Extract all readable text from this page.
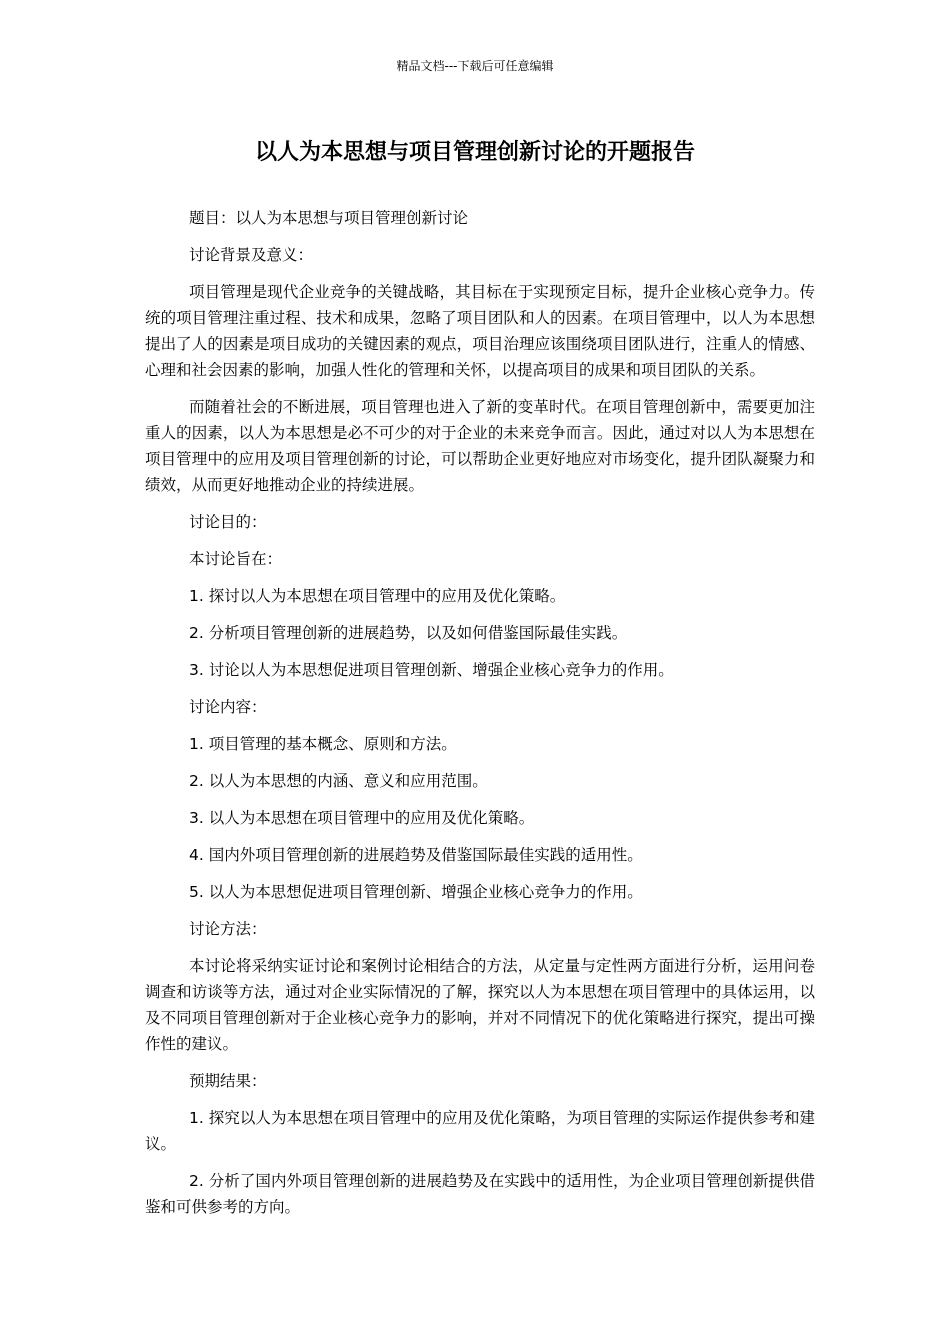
精品文档---下载后可任意编辑
以人为本思想与项目管理创新讨论的开题报告

题目：以人为本思想与项目管理创新讨论

讨论背景及意义：

项目管理是现代企业竞争的关键战略，其目标在于实现预定目标，提升企业核心竞争力。传统的项目管理注重过程、技术和成果，忽略了项目团队和人的因素。在项目管理中，以人为本思想提出了人的因素是项目成功的关键因素的观点，项目治理应该围绕项目团队进行，注重人的情感、心理和社会因素的影响，加强人性化的管理和关怀，以提高项目的成果和项目团队的关系。

而随着社会的不断进展，项目管理也进入了新的变革时代。在项目管理创新中，需要更加注重人的因素，以人为本思想是必不可少的对于企业的未来竞争而言。因此，通过对以人为本思想在项目管理中的应用及项目管理创新的讨论，可以帮助企业更好地应对市场变化，提升团队凝聚力和绩效，从而更好地推动企业的持续进展。

讨论目的：

本讨论旨在：

1. 探讨以人为本思想在项目管理中的应用及优化策略。

2. 分析项目管理创新的进展趋势，以及如何借鉴国际最佳实践。

3. 讨论以人为本思想促进项目管理创新、增强企业核心竞争力的作用。

讨论内容：

1. 项目管理的基本概念、原则和方法。

2. 以人为本思想的内涵、意义和应用范围。

3. 以人为本思想在项目管理中的应用及优化策略。

4. 国内外项目管理创新的进展趋势及借鉴国际最佳实践的适用性。

5. 以人为本思想促进项目管理创新、增强企业核心竞争力的作用。

讨论方法：

本讨论将采纳实证讨论和案例讨论相结合的方法，从定量与定性两方面进行分析，运用问卷调查和访谈等方法，通过对企业实际情况的了解，探究以人为本思想在项目管理中的具体运用，以及不同项目管理创新对于企业核心竞争力的影响，并对不同情况下的优化策略进行探究，提出可操作性的建议。

预期结果：

1. 探究以人为本思想在项目管理中的应用及优化策略，为项目管理的实际运作提供参考和建议。

2. 分析了国内外项目管理创新的进展趋势及在实践中的适用性，为企业项目管理创新提供借鉴和可供参考的方向。
